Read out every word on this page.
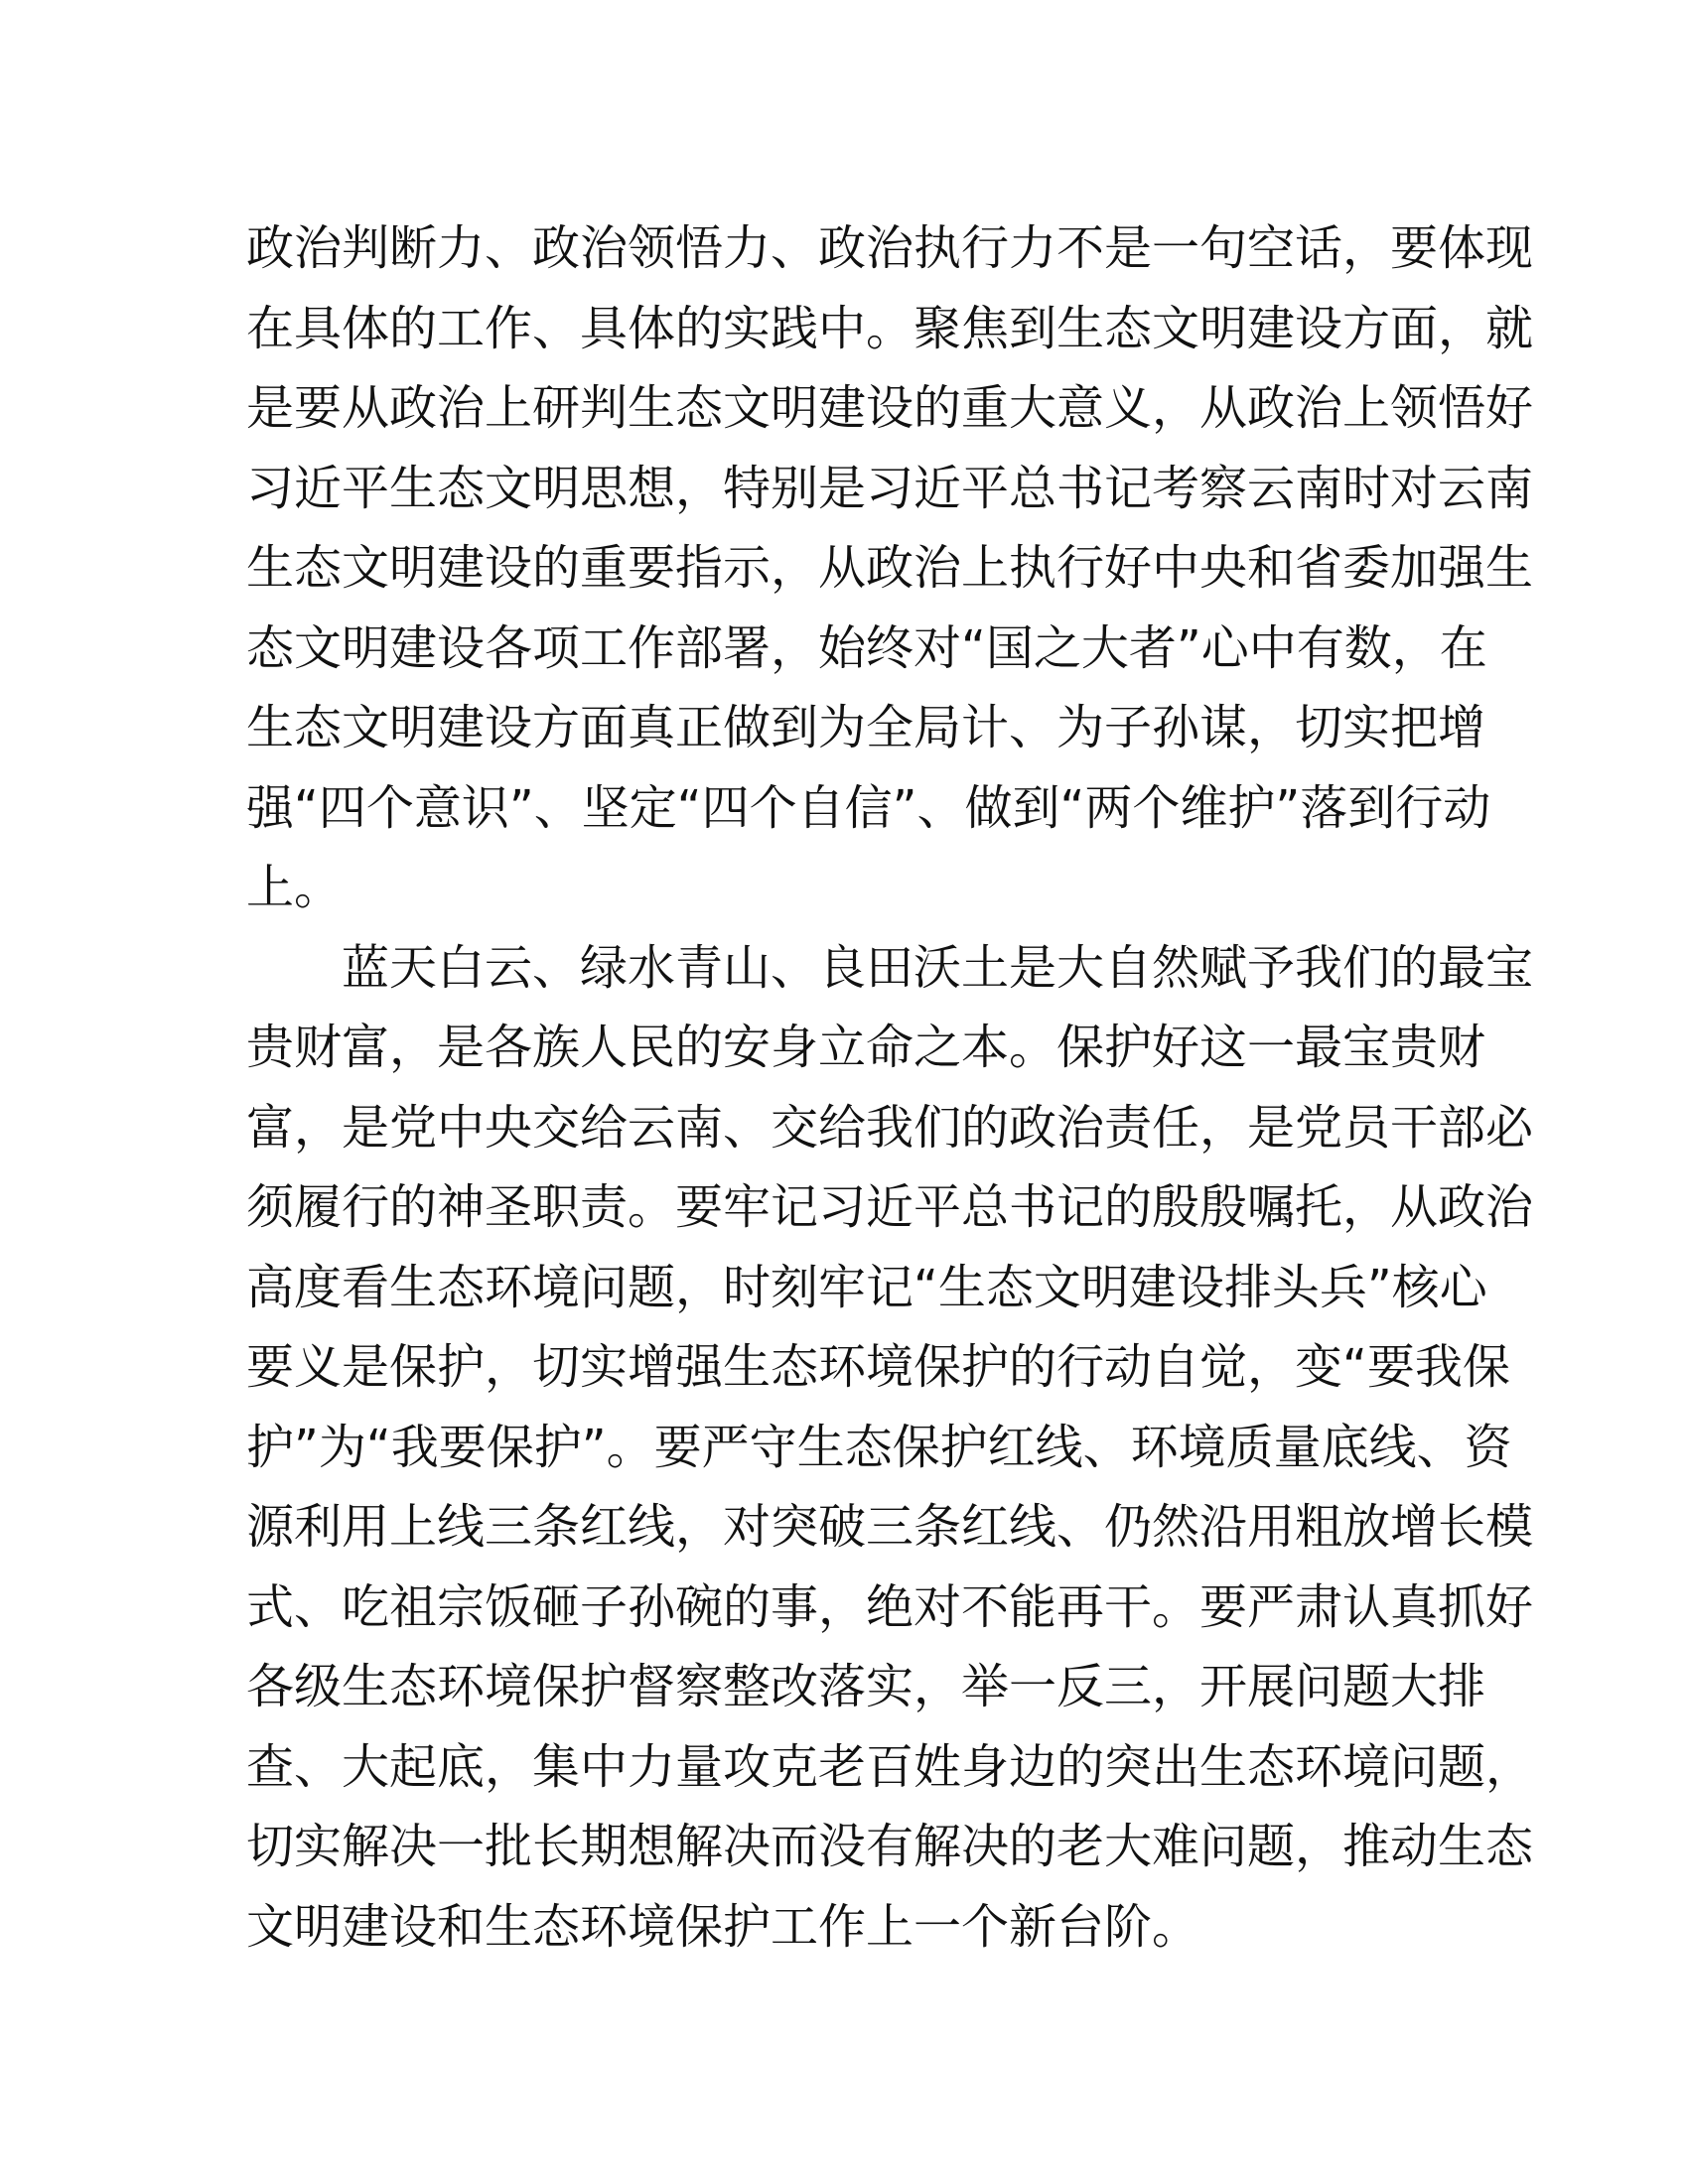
政治判断力、政治领悟力、政治执行力不是一句空话，要体现
在具体的工作、具体的实践中。聚焦到生态文明建设方面，就
是要从政治上研判生态文明建设的重大意义，从政治上领悟好
习近平生态文明思想，特别是习近平总书记考察云南时对云南
生态文明建设的重要指示，从政治上执行好中央和省委加强生
态文明建设各项工作部署，始终对“国之大者”心中有数，在
生态文明建设方面真正做到为全局计、为子孙谋，切实把增
强“四个意识”、坚定“四个自信”、做到“两个维护”落到行动
上。
蓝天白云、绿水青山、良田沃土是大自然赋予我们的最宝
贵财富，是各族人民的安身立命之本。保护好这一最宝贵财
富，是党中央交给云南、交给我们的政治责任，是党员干部必
须履行的神圣职责。要牢记习近平总书记的殷殷嘱托，从政治
高度看生态环境问题，时刻牢记“生态文明建设排头兵”核心
要义是保护，切实增强生态环境保护的行动自觉，变“要我保
护”为“我要保护”。要严守生态保护红线、环境质量底线、资
源利用上线三条红线，对突破三条红线、仍然沿用粗放增长模
式、吃祖宗饭砸子孙碗的事，绝对不能再干。要严肃认真抓好
各级生态环境保护督察整改落实，举一反三，开展问题大排
查、大起底，集中力量攻克老百姓身边的突出生态环境问题，
切实解决一批长期想解决而没有解决的老大难问题，推动生态
文明建设和生态环境保护工作上一个新台阶。
